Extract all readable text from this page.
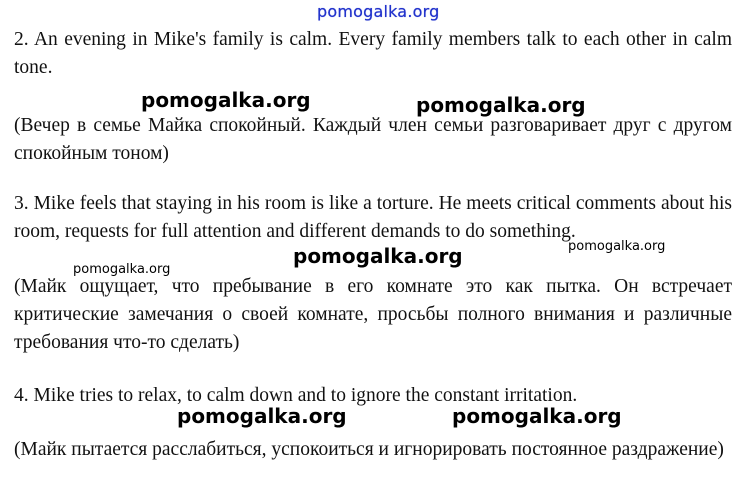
pomogalka.org

2. An evening in Mike's family is calm. Every family members talk to each other in calm tone.

pomogalka.org	pomogalka.org

(Вечер в семье Майка спокойный. Каждый член семьи разговаривает друг с другом спокойным тоном)

3. Mike feels that staying in his room is like a torture. He meets critical comments about his room, requests for full attention and different demands to do something.

pomogalka.org
pomogalka.org
pomogalka.org

(Майк ощущает, что пребывание в его комнате это как пытка. Он встречает критические замечания о своей комнате, просьбы полного внимания и различные требования что-то сделать)

4. Mike tries to relax, to calm down and to ignore the constant irritation.

pomogalka.org	pomogalka.org

(Майк пытается расслабиться, успокоиться и игнорировать постоянное раздражение)
